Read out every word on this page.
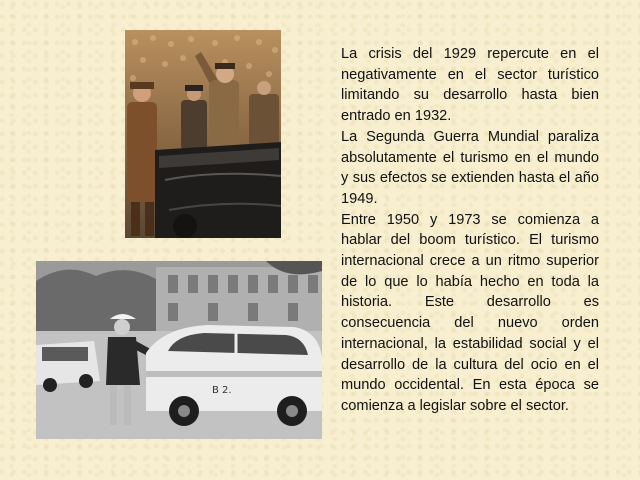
B 2.

La crisis del 1929 repercute en el negativamente en el sector turístico limitando su desarrollo hasta bien entrado en 1932.

La Segunda Guerra Mundial paraliza absolutamente el turismo en el mundo y sus efectos se extienden hasta el año 1949.

Entre 1950 y 1973 se comienza a hablar del boom turístico. El turismo internacional crece a un ritmo superior de lo que lo había hecho en toda la historia. Este desarrollo es consecuencia del nuevo orden internacional, la estabilidad social y el desarrollo de la cultura del ocio en el mundo occidental. En esta época se comienza a legislar sobre el sector.
